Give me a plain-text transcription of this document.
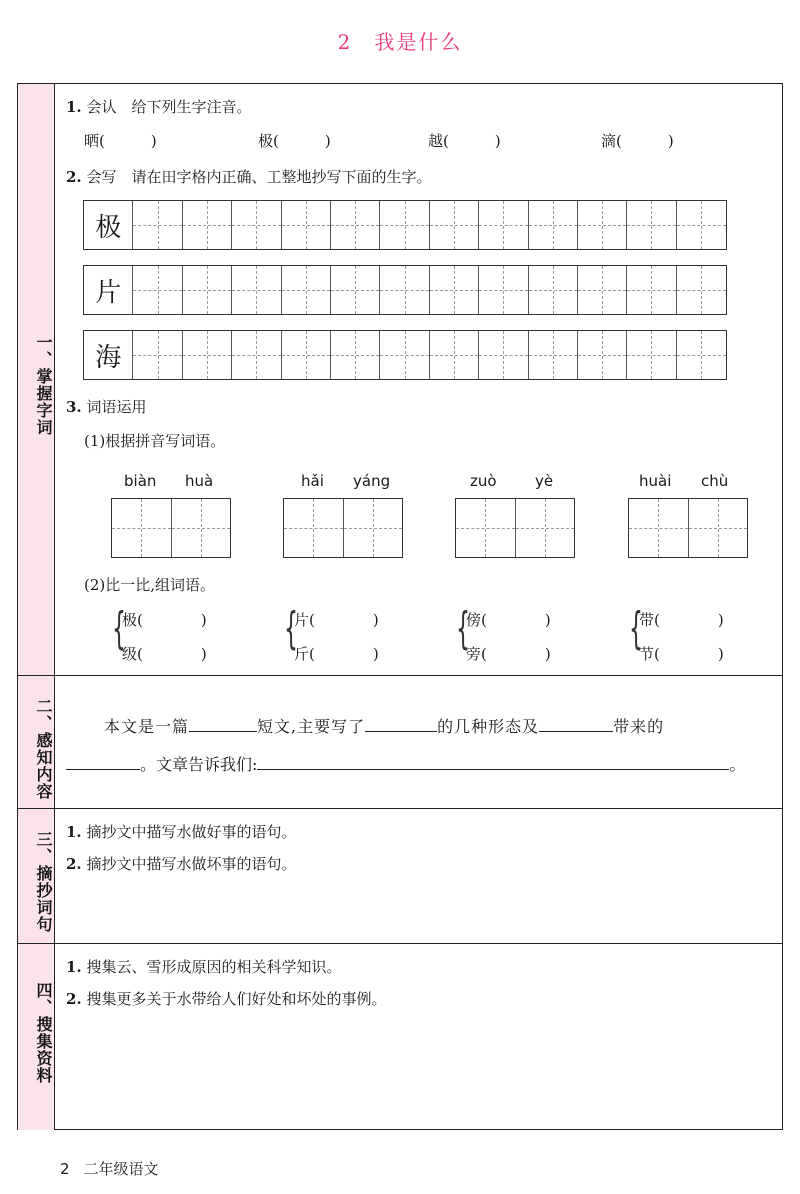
2 我是什么
一、掌握字词
1. 会认　给下列生字注音。
晒(	)	极(	)	越(	)	滴(	)
2. 会写　请在田字格内正确、工整地抄写下面的生字。
极
片
海
3. 词语运用
(1)根据拼音写词语。
biàn huà	hǎi yáng	zuò	yè	huài chù
(2)比一比,组词语。
{
极(	)
级(	) {
片(	)
斤(	) {
傍(	)
旁(	) {
带(	)
节(	)
二、感知内容	本文是一篇	短文,主要写了	的几种形态及	带来的
。文章告诉我们:	。
三、摘抄词句 1. 摘抄文中描写水做好事的语句。
2. 摘抄文中描写水做坏事的语句。
四、搜集资料
1. 搜集云、雪形成原因的相关科学知识。
2. 搜集更多关于水带给人们好处和坏处的事例。
2 二年级语文
